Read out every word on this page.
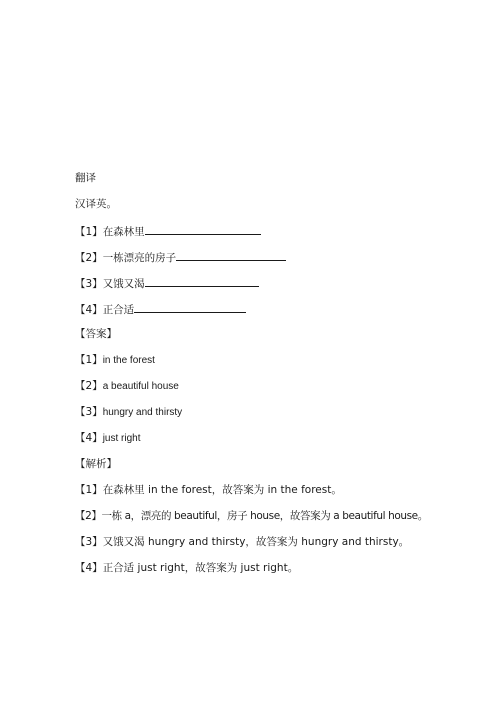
翻译
汉译英。
【1】在森林里
【2】一栋漂亮的房子
【3】又饿又渴
【4】正合适
【答案】
【1】in the forest
【2】a beautiful house
【3】hungry and thirsty
【4】just right
【解析】
【1】在森林里 in the forest，故答案为 in the forest。
【2】一栋 a，漂亮的 beautiful，房子 house，故答案为 a beautiful house。
【3】又饿又渴 hungry and thirsty，故答案为 hungry and thirsty。
【4】正合适 just right，故答案为 just right。
